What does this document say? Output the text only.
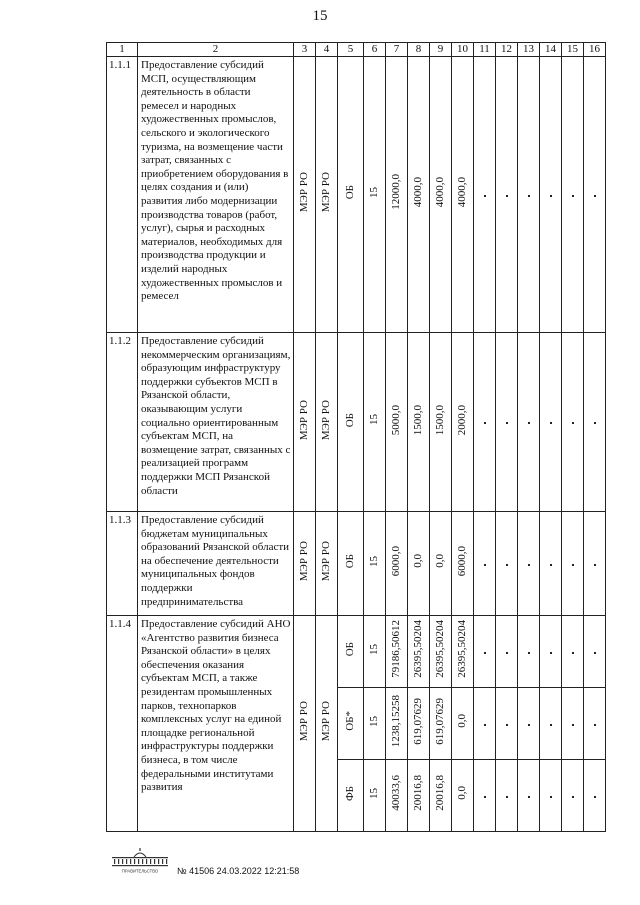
15
1	2	3	4	5	6	7	8	9	10	11	12	13	14	15	16
1.1.1	Предоставление субсидий МСП, осуществляющим деятельность в области ремесел и народных художественных промыслов, сельского и экологического туризма, на возмещение части затрат, связанных с приобретением оборудования в целях создания и (или) развития либо модернизации производства товаров (работ, услуг), сырья и расходных материалов, необходимых для производства продукции и изделий народных художественных промыслов и ремесел	МЭР РО	МЭР РО	ОБ	15	12000,0	4000,0	4000,0	4000,0						
1.1.2	Предоставление субсидий некоммерческим организациям, образующим инфраструктуру поддержки субъектов МСП в Рязанской области, оказывающим услуги социально ориентированным субъектам МСП, на возмещение затрат, связанных с реализацией программ поддержки МСП Рязанской области	МЭР РО	МЭР РО	ОБ	15	5000,0	1500,0	1500,0	2000,0						
1.1.3	Предоставление субсидий бюджетам муниципальных образований Рязанской области на обеспечение деятельности муниципальных фондов поддержки предпринимательства	МЭР РО	МЭР РО	ОБ	15	6000,0	0,0	0,0	6000,0						
1.1.4	Предоставление субсидий АНО «Агентство развития бизнеса Рязанской области» в целях обеспечения оказания субъектам МСП, а также резидентам промышленных парков, технопарков комплексных услуг на единой площадке региональной инфраструктуры поддержки бизнеса, в том числе федеральными институтами развития	МЭР РО	МЭР РО	ОБ	15	79186,50612	26395,50204	26395,50204	26395,50204						
				ОБ*	15	1238,15258	619,07629	619,07629	0,0						
				ФБ	15	40033,6	20016,8	20016,8	0,0						
ПРАВИТЕЛЬСТВО № 41506 24.03.2022 12:21:58
